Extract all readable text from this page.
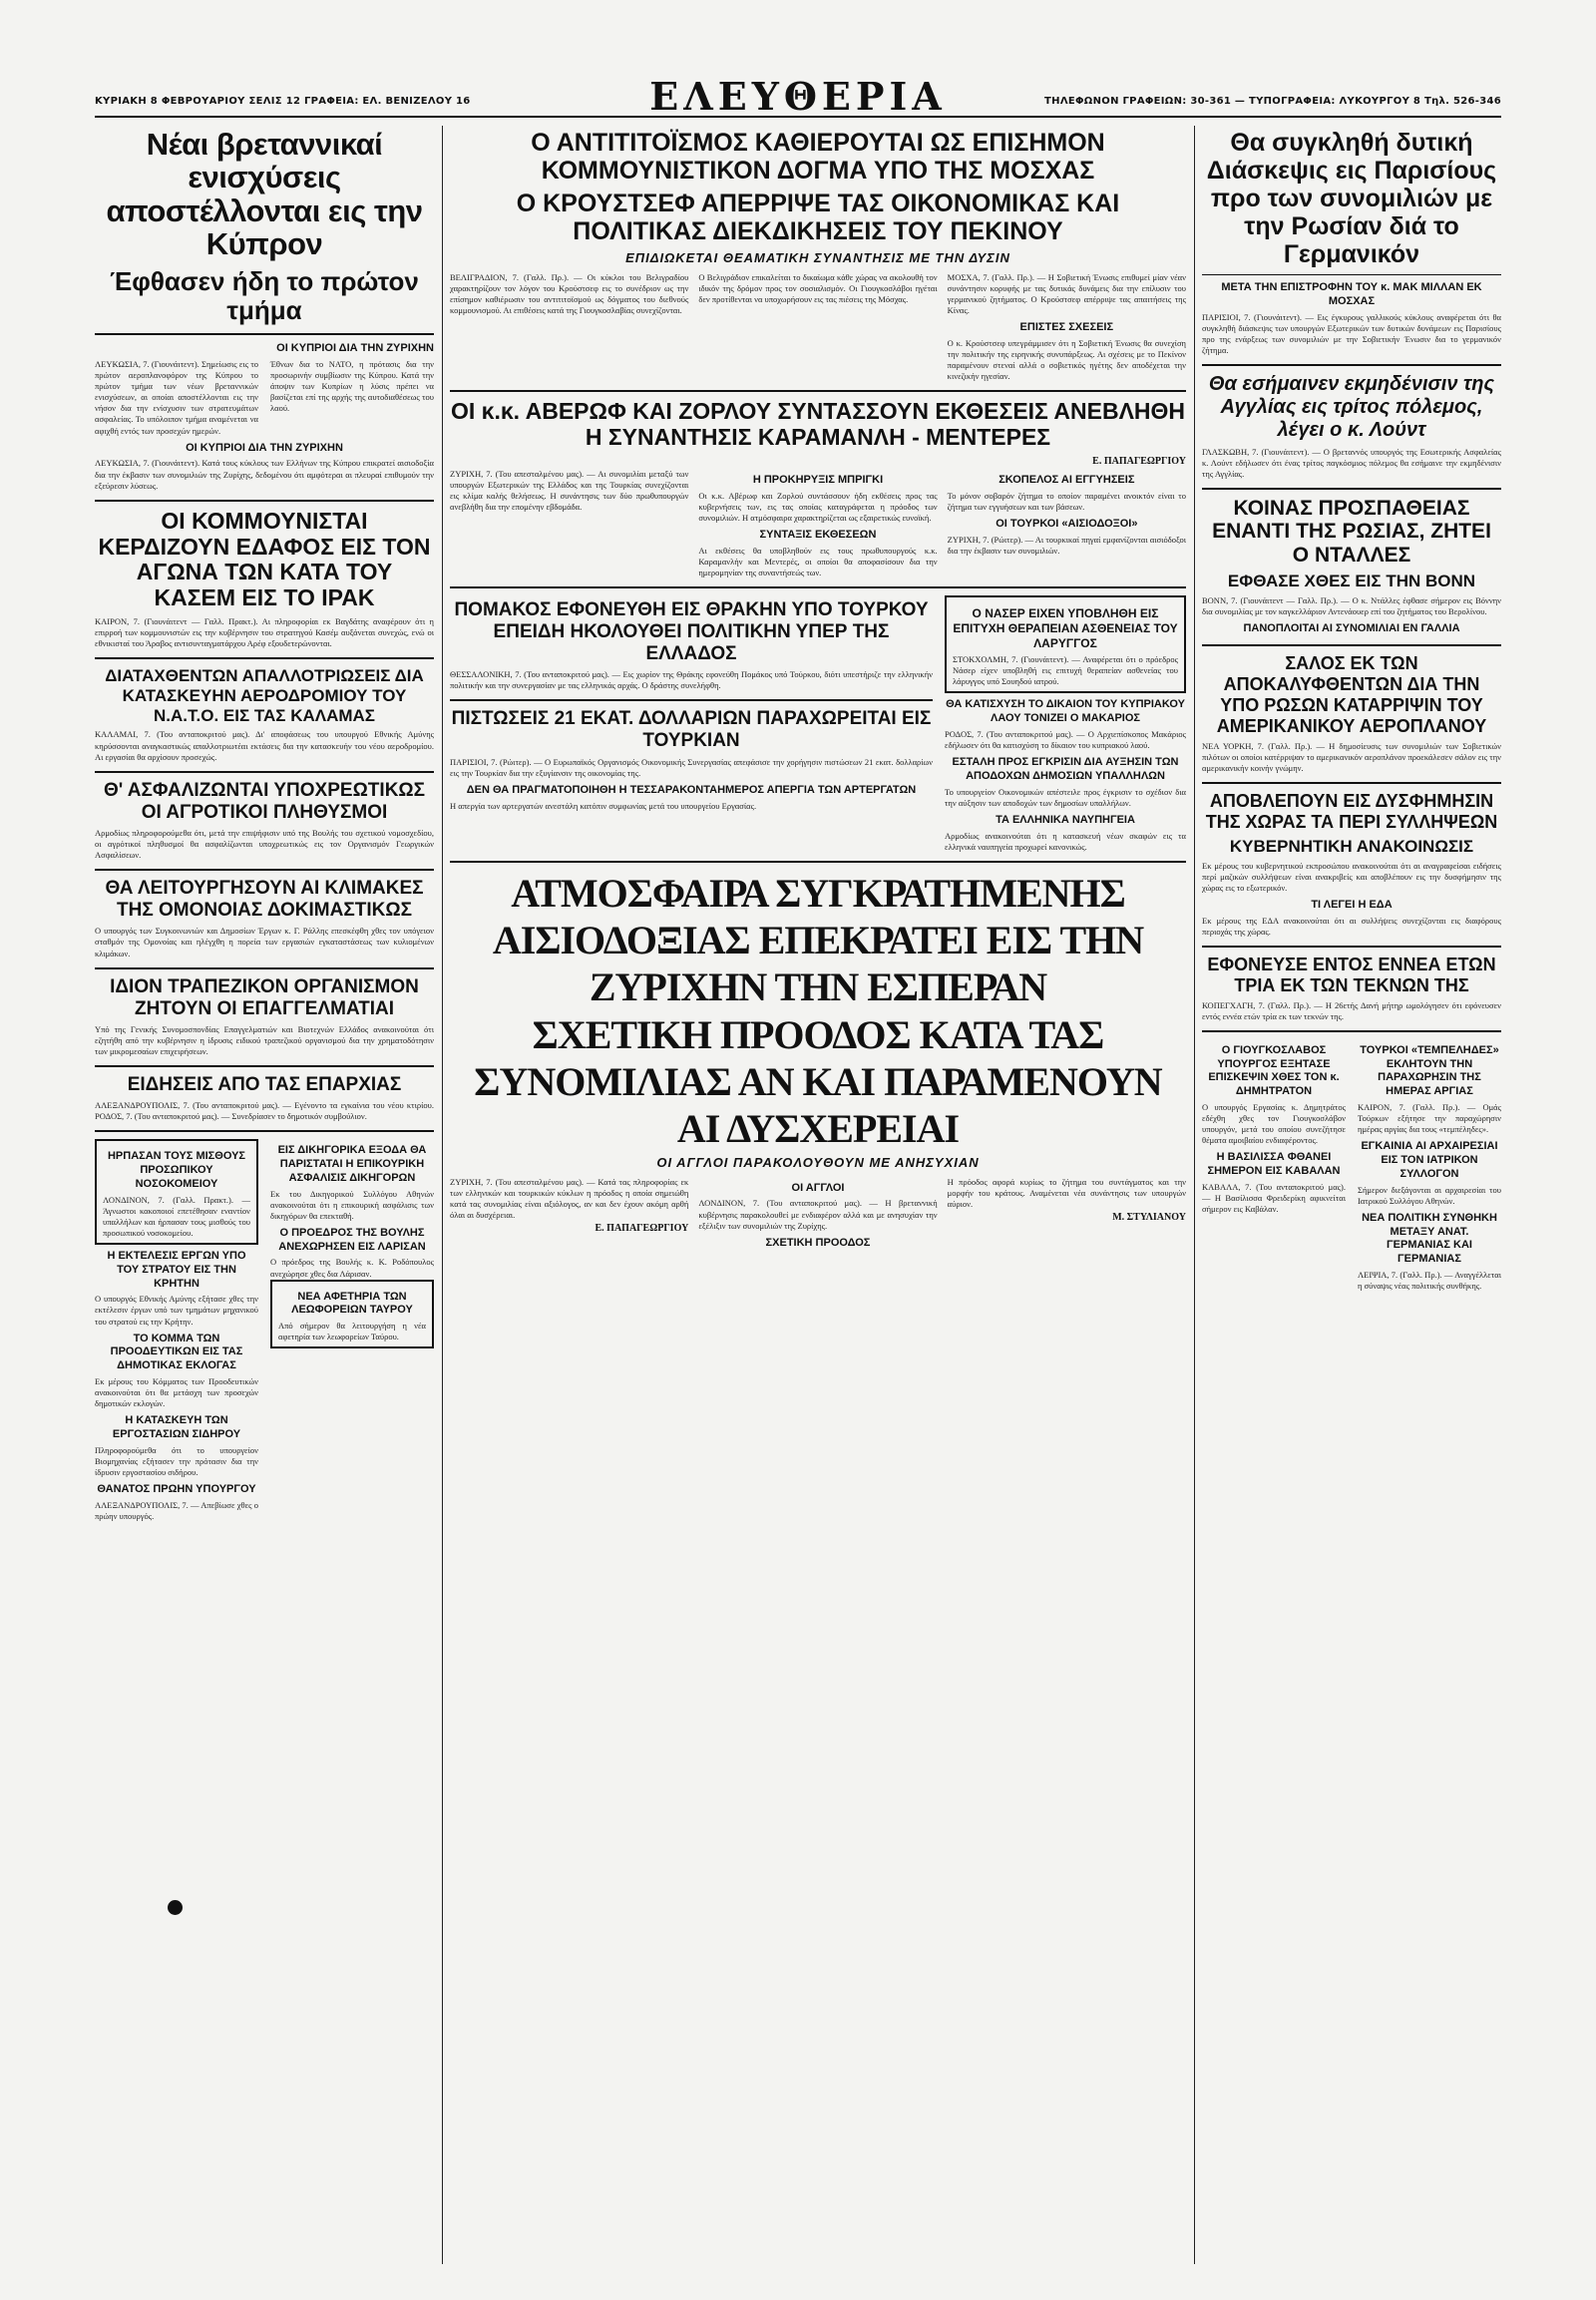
ΚΥΡΙΑΚΗ 8 ΦΕΒΡΟΥΑΡΙΟΥ ΣΕΛΙΣ 12 ΓΡΑΦΕΙΑ: ΕΛ. ΒΕΝΙΖΕΛΟΥ 16	ΕΛΕΥΘΕΡΙΑ	ΤΗΛΕΦΩΝΟΝ ΓΡΑΦΕΙΩΝ: 30-361 — ΤΥΠΟΓΡΑΦΕΙΑ: ΛΥΚΟΥΡΓΟΥ 8 Τηλ. 526-346
Νέαι βρεταννικαί ενισχύσεις αποστέλλονται εις την Κύπρον
Έφθασεν ήδη το πρώτον τμήμα
ΟΙ ΚΥΠΡΙΟΙ ΔΙΑ ΤΗΝ ΖΥΡΙΧΗΝ
ΛΕΥΚΩΣΙΑ, 7. (Γιουνάιτεντ). Σημείωσις εις το πρώτον αεροπλανοφόρον της Κύπρου το πρώτον τμήμα των νέων βρεταννικών ενισχύσεων, αι οποίαι αποστέλλονται εις την νήσον δια την ενίσχυσιν των στρατευμάτων ασφαλείας. Το υπόλοιπον τμήμα αναμένεται να αφιχθή εντός των προσεχών ημερών.
Έθνων δια το ΝΑΤΟ, η πρότασις δια την προσωρινήν συμβίωσιν της Κύπρου. Κατά την άποψιν των Κυπρίων η λύσις πρέπει να βασίζεται επί της αρχής της αυτοδιαθέσεως του λαού.
ΟΙ ΚΥΠΡΙΟΙ ΔΙΑ ΤΗΝ ΖΥΡΙΧΗΝ
ΛΕΥΚΩΣΙΑ, 7. (Γιουνάιτεντ). Κατά τους κύκλους των Ελλήνων της Κύπρου επικρατεί αισιοδοξία δια την έκβασιν των συνομιλιών της Ζυρίχης, δεδομένου ότι αμφότεραι αι πλευραί επιθυμούν την εξεύρεσιν λύσεως.
ΟΙ ΚΟΜΜΟΥΝΙΣΤΑΙ ΚΕΡΔΙΖΟΥΝ ΕΔΑΦΟΣ ΕΙΣ ΤΟΝ ΑΓΩΝΑ ΤΩΝ ΚΑΤΑ ΤΟΥ ΚΑΣΕΜ ΕΙΣ ΤΟ ΙΡΑΚ
ΚΑΙΡΟΝ, 7. (Γιουνάιτεντ — Γαλλ. Πρακτ.). Αι πληροφορίαι εκ Βαγδάτης αναφέρουν ότι η επιρροή των κομμουνιστών εις την κυβέρνησιν του στρατηγού Κασέμ αυξάνεται συνεχώς, ενώ οι εθνικισταί του Άραβος αντισυνταγματάρχου Αρέφ εξουδετερώνονται.
ΔΙΑΤΑΧΘΕΝΤΩΝ ΑΠΑΛΛΟΤΡΙΩΣΕΙΣ ΔΙΑ ΚΑΤΑΣΚΕΥΗΝ ΑΕΡΟΔΡΟΜΙΟΥ ΤΟΥ Ν.Α.Τ.Ο. ΕΙΣ ΤΑΣ ΚΑΛΑΜΑΣ
ΚΑΛΑΜΑΙ, 7. (Του ανταποκριτού μας). Δι' αποφάσεως του υπουργού Εθνικής Αμύνης κηρύσσονται αναγκαστικώς απαλλοτριωτέαι εκτάσεις δια την κατασκευήν του νέου αεροδρομίου. Αι εργασίαι θα αρχίσουν προσεχώς.
Θ' ΑΣΦΑΛΙΖΩΝΤΑΙ ΥΠΟΧΡΕΩΤΙΚΩΣ ΟΙ ΑΓΡΟΤΙΚΟΙ ΠΛΗΘΥΣΜΟΙ
Αρμοδίως πληροφορούμεθα ότι, μετά την επιψήφισιν υπό της Βουλής του σχετικού νομοσχεδίου, οι αγρότικοί πληθυσμοί θα ασφαλίζωνται υποχρεωτικώς εις τον Οργανισμόν Γεωργικών Ασφαλίσεων.
ΘΑ ΛΕΙΤΟΥΡΓΗΣΟΥΝ ΑΙ ΚΛΙΜΑΚΕΣ ΤΗΣ ΟΜΟΝΟΙΑΣ ΔΟΚΙΜΑΣΤΙΚΩΣ
Ο υπουργός των Συγκοινωνιών και Δημοσίων Έργων κ. Γ. Ράλλης επεσκέφθη χθες τον υπόγειον σταθμόν της Ομονοίας και ηλέγχθη η πορεία των εργασιών εγκαταστάσεως των κυλιομένων κλιμάκων.
ΙΔΙΟΝ ΤΡΑΠΕΖΙΚΟΝ ΟΡΓΑΝΙΣΜΟΝ ΖΗΤΟΥΝ ΟΙ ΕΠΑΓΓΕΛΜΑΤΙΑΙ
Υπό της Γενικής Συνομοσπονδίας Επαγγελματιών και Βιοτεχνών Ελλάδος ανακοινούται ότι εζητήθη από την κυβέρνησιν η ίδρυσις ειδικού τραπεζικού οργανισμού δια την χρηματοδότησιν των μικρομεσαίων επιχειρήσεων.
ΕΙΔΗΣΕΙΣ ΑΠΟ ΤΑΣ ΕΠΑΡΧΙΑΣ
ΑΛΕΞΑΝΔΡΟΥΠΟΛΙΣ, 7. (Του ανταποκριτού μας). — Εγένοντο τα εγκαίνια του νέου κτιρίου. ΡΟΔΟΣ, 7. (Του ανταποκριτού μας). — Συνεδρίασεν το δημοτικόν συμβούλιον.
ΗΡΠΑΣΑΝ ΤΟΥΣ ΜΙΣΘΟΥΣ ΠΡΟΣΩΠΙΚΟΥ ΝΟΣΟΚΟΜΕΙΟΥ
ΛΟΝΔΙΝΟΝ, 7. (Γαλλ. Πρακτ.). — Άγνωστοι κακοποιοί επετέθησαν εναντίον υπαλλήλων και ήρπασαν τους μισθούς του προσωπικού νοσοκομείου.
Η ΕΚΤΕΛΕΣΙΣ ΕΡΓΩΝ ΥΠΟ ΤΟΥ ΣΤΡΑΤΟΥ ΕΙΣ ΤΗΝ ΚΡΗΤΗΝ
Ο υπουργός Εθνικής Αμύνης εξήτασε χθες την εκτέλεσιν έργων υπό των τμημάτων μηχανικού του στρατού εις την Κρήτην.
ΤΟ ΚΟΜΜΑ ΤΩΝ ΠΡΟΟΔΕΥΤΙΚΩΝ ΕΙΣ ΤΑΣ ΔΗΜΟΤΙΚΑΣ ΕΚΛΟΓΑΣ
Εκ μέρους του Κόμματος των Προοδευτικών ανακοινούται ότι θα μετάσχη των προσεχών δημοτικών εκλογών.
Η ΚΑΤΑΣΚΕΥΗ ΤΩΝ ΕΡΓΟΣΤΑΣΙΩΝ ΣΙΔΗΡΟΥ
Πληροφορούμεθα ότι το υπουργείον Βιομηχανίας εξήτασεν την πρότασιν δια την ίδρυσιν εργοστασίου σιδήρου.
ΘΑΝΑΤΟΣ ΠΡΩΗΝ ΥΠΟΥΡΓΟΥ
ΑΛΕΞΑΝΔΡΟΥΠΟΛΙΣ, 7. — Απεβίωσε χθες ο πρώην υπουργός.
ΕΙΣ ΔΙΚΗΓΟΡΙΚΑ ΕΞΟΔΑ ΘΑ ΠΑΡΙΣΤΑΤΑΙ Η ΕΠΙΚΟΥΡΙΚΗ ΑΣΦΑΛΙΣΙΣ ΔΙΚΗΓΟΡΩΝ
Εκ του Δικηγορικού Συλλόγου Αθηνών ανακοινούται ότι η επικουρική ασφάλισις των δικηγόρων θα επεκταθή.
Ο ΠΡΟΕΔΡΟΣ ΤΗΣ ΒΟΥΛΗΣ ΑΝΕΧΩΡΗΣΕΝ ΕΙΣ ΛΑΡΙΣΑΝ
Ο πρόεδρος της Βουλής κ. Κ. Ροδόπουλος ανεχώρησε χθες δια Λάρισαν.
ΝΕΑ ΑΦΕΤΗΡΙΑ ΤΩΝ ΛΕΩΦΟΡΕΙΩΝ ΤΑΥΡΟΥ
Από σήμερον θα λειτουργήση η νέα αφετηρία των λεωφορείων Ταύρου.
Ο ΑΝΤΙΤΙΤΟΪΣΜΟΣ ΚΑΘΙΕΡΟΥΤΑΙ ΩΣ ΕΠΙΣΗΜΟΝ ΚΟΜΜΟΥΝΙΣΤΙΚΟΝ ΔΟΓΜΑ ΥΠΟ ΤΗΣ ΜΟΣΧΑΣ
Ο ΚΡΟΥΣΤΣΕΦ ΑΠΕΡΡΙΨΕ ΤΑΣ ΟΙΚΟΝΟΜΙΚΑΣ ΚΑΙ ΠΟΛΙΤΙΚΑΣ ΔΙΕΚΔΙΚΗΣΕΙΣ ΤΟΥ ΠΕΚΙΝΟΥ
ΕΠΙΔΙΩΚΕΤΑΙ ΘΕΑΜΑΤΙΚΗ ΣΥΝΑΝΤΗΣΙΣ ΜΕ ΤΗΝ ΔΥΣΙΝ
ΒΕΛΙΓΡΑΔΙΟΝ, 7. (Γαλλ. Πρ.). — Οι κύκλοι του Βελιγραδίου χαρακτηρίζουν τον λόγον του Κρούστσεφ εις το συνέδριον ως την επίσημον καθιέρωσιν του αντιτιτοϊσμού ως δόγματος του διεθνούς κομμουνισμού. Αι επιθέσεις κατά της Γιουγκοσλαβίας συνεχίζονται.
Ο Βελιγράδιον επικαλείται το δικαίωμα κάθε χώρας να ακολουθή τον ιδικόν της δρόμον προς τον σοσιαλισμόν. Οι Γιουγκοσλάβοι ηγέται δεν προτίθενται να υποχωρήσουν εις τας πιέσεις της Μόσχας.
ΜΟΣΧΑ, 7. (Γαλλ. Πρ.). — Η Σοβιετική Ένωσις επιθυμεί μίαν νέαν συνάντησιν κορυφής με τας δυτικάς δυνάμεις δια την επίλυσιν του γερμανικού ζητήματος. Ο Κρούστσεφ απέρριψε τας απαιτήσεις της Κίνας.
ΕΠΙΣΤΕΣ ΣΧΕΣΕΙΣ
Ο κ. Κρούστσεφ υπεγράμμισεν ότι η Σοβιετική Ένωσις θα συνεχίση την πολιτικήν της ειρηνικής συνυπάρξεως. Αι σχέσεις με το Πεκίνον παραμένουν στεναί αλλά ο σοβιετικός ηγέτης δεν αποδέχεται την κινεζικήν ηγεσίαν.
ΟΙ κ.κ. ΑΒΕΡΩΦ ΚΑΙ ΖΟΡΛΟΥ ΣΥΝΤΑΣΣΟΥΝ ΕΚΘΕΣΕΙΣ ΑΝΕΒΛΗΘΗ Η ΣΥΝΑΝΤΗΣΙΣ ΚΑΡΑΜΑΝΛΗ - ΜΕΝΤΕΡΕΣ
Ε. ΠΑΠΑΓΕΩΡΓΙΟΥ
ΖΥΡΙΧΗ, 7. (Του απεσταλμένου μας). — Αι συνομιλίαι μεταξύ των υπουργών Εξωτερικών της Ελλάδος και της Τουρκίας συνεχίζονται εις κλίμα καλής θελήσεως. Η συνάντησις των δύο πρωθυπουργών ανεβλήθη δια την επομένην εβδομάδα.
Η ΠΡΟΚΗΡΥΞΙΣ ΜΠΡΙΓΚΙ
Οι κ.κ. Αβέρωφ και Ζορλού συντάσσουν ήδη εκθέσεις προς τας κυβερνήσεις των, εις τας οποίας καταγράφεται η πρόοδος των συνομιλιών. Η ατμόσφαιρα χαρακτηρίζεται ως εξαιρετικώς ευνοϊκή.
ΣΥΝΤΑΞΙΣ ΕΚΘΕΣΕΩΝ
Αι εκθέσεις θα υποβληθούν εις τους πρωθυπουργούς κ.κ. Καραμανλήν και Μεντερές, οι οποίοι θα αποφασίσουν δια την ημερομηνίαν της συναντήσεώς των.
ΣΚΟΠΕΛΟΣ ΑΙ ΕΓΓΥΗΣΕΙΣ
Το μόνον σοβαρόν ζήτημα το οποίον παραμένει ανοικτόν είναι το ζήτημα των εγγυήσεων και των βάσεων.
ΟΙ ΤΟΥΡΚΟΙ «ΑΙΣΙΟΔΟΞΟΙ»
ΖΥΡΙΧΗ, 7. (Ρώιτερ). — Αι τουρκικαί πηγαί εμφανίζονται αισιόδοξοι δια την έκβασιν των συνομιλιών.
ΠΟΜΑΚΟΣ ΕΦΟΝΕΥΘΗ ΕΙΣ ΘΡΑΚΗΝ ΥΠΟ ΤΟΥΡΚΟΥ ΕΠΕΙΔΗ ΗΚΟΛΟΥΘΕΙ ΠΟΛΙΤΙΚΗΝ ΥΠΕΡ ΤΗΣ ΕΛΛΑΔΟΣ
ΘΕΣΣΑΛΟΝΙΚΗ, 7. (Του ανταποκριτού μας). — Εις χωρίον της Θράκης εφονεύθη Πομάκος υπό Τούρκου, διότι υπεστήριζε την ελληνικήν πολιτικήν και την συνεργασίαν με τας ελληνικάς αρχάς. Ο δράστης συνελήφθη.
ΠΙΣΤΩΣΕΙΣ 21 ΕΚΑΤ. ΔΟΛΛΑΡΙΩΝ ΠΑΡΑΧΩΡΕΙΤΑΙ ΕΙΣ ΤΟΥΡΚΙΑΝ
ΠΑΡΙΣΙΟΙ, 7. (Ρώιτερ). — Ο Ευρωπαϊκός Οργανισμός Οικονομικής Συνεργασίας απεφάσισε την χορήγησιν πιστώσεων 21 εκατ. δολλαρίων εις την Τουρκίαν δια την εξυγίανσιν της οικονομίας της.
ΔΕΝ ΘΑ ΠΡΑΓΜΑΤΟΠΟΙΗΘΗ Η ΤΕΣΣΑΡΑΚΟΝΤΑΗΜΕΡΟΣ ΑΠΕΡΓΙΑ ΤΩΝ ΑΡΤΕΡΓΑΤΩΝ
Η απεργία των αρτεργατών ανεστάλη κατόπιν συμφωνίας μετά του υπουργείου Εργασίας.
Ο ΝΑΣΕΡ ΕΙΧΕΝ ΥΠΟΒΛΗΘΗ ΕΙΣ ΕΠΙΤΥΧΗ ΘΕΡΑΠΕΙΑΝ ΑΣΘΕΝΕΙΑΣ ΤΟΥ ΛΑΡΥΓΓΟΣ
ΣΤΟΚΧΟΛΜΗ, 7. (Γιουνάιτεντ). — Αναφέρεται ότι ο πρόεδρος Νάσερ είχεν υποβληθή εις επιτυχή θεραπείαν ασθενείας του λάρυγγος υπό Σουηδού ιατρού.
ΘΑ ΚΑΤΙΣΧΥΣΗ ΤΟ ΔΙΚΑΙΟΝ ΤΟΥ ΚΥΠΡΙΑΚΟΥ ΛΑΟΥ ΤΟΝΙΖΕΙ Ο ΜΑΚΑΡΙΟΣ
ΡΟΔΟΣ, 7. (Του ανταποκριτού μας). — Ο Αρχιεπίσκοπος Μακάριος εδήλωσεν ότι θα κατισχύση το δίκαιον του κυπριακού λαού.
ΕΣΤΑΛΗ ΠΡΟΣ ΕΓΚΡΙΣΙΝ ΔΙΑ ΑΥΞΗΣΙΝ ΤΩΝ ΑΠΟΔΟΧΩΝ ΔΗΜΟΣΙΩΝ ΥΠΑΛΛΗΛΩΝ
Το υπουργείον Οικονομικών απέστειλε προς έγκρισιν το σχέδιον δια την αύξησιν των αποδοχών των δημοσίων υπαλλήλων.
ΤΑ ΕΛΛΗΝΙΚΑ ΝΑΥΠΗΓΕΙΑ
Αρμοδίως ανακοινούται ότι η κατασκευή νέων σκαφών εις τα ελληνικά ναυπηγεία προχωρεί κανονικώς.
ΑΤΜΟΣΦΑΙΡΑ ΣΥΓΚΡΑΤΗΜΕΝΗΣ ΑΙΣΙΟΔΟΞΙΑΣ ΕΠΕΚΡΑΤΕΙ ΕΙΣ ΤΗΝ ΖΥΡΙΧΗΝ ΤΗΝ ΕΣΠΕΡΑΝ
ΣΧΕΤΙΚΗ ΠΡΟΟΔΟΣ ΚΑΤΑ ΤΑΣ ΣΥΝΟΜΙΛΙΑΣ ΑΝ ΚΑΙ ΠΑΡΑΜΕΝΟΥΝ ΑΙ ΔΥΣΧΕΡΕΙΑΙ
ΟΙ ΑΓΓΛΟΙ ΠΑΡΑΚΟΛΟΥΘΟΥΝ ΜΕ ΑΝΗΣΥΧΙΑΝ
ΖΥΡΙΧΗ, 7. (Του απεσταλμένου μας). — Κατά τας πληροφορίας εκ των ελληνικών και τουρκικών κύκλων η πρόοδος η οποία σημειώθη κατά τας συνομιλίας είναι αξιόλογος, αν και δεν έχουν ακόμη αρθή όλαι αι δυσχέρειαι.
Ε. ΠΑΠΑΓΕΩΡΓΙΟΥ
ΟΙ ΑΓΓΛΟΙ
ΛΟΝΔΙΝΟΝ, 7. (Του ανταποκριτού μας). — Η βρεταννική κυβέρνησις παρακολουθεί με ενδιαφέρον αλλά και με ανησυχίαν την εξέλιξιν των συνομιλιών της Ζυρίχης.
ΣΧΕΤΙΚΗ ΠΡΟΟΔΟΣ
Η πρόοδος αφορά κυρίως το ζήτημα του συντάγματος και την μορφήν του κράτους. Αναμένεται νέα συνάντησις των υπουργών αύριον.
Μ. ΣΤΥΛΙΑΝΟΥ
Θα συγκληθή δυτική Διάσκεψις εις Παρισίους προ των συνομιλιών με την Ρωσίαν διά το Γερμανικόν
ΜΕΤΑ ΤΗΝ ΕΠΙΣΤΡΟΦΗΝ ΤΟΥ κ. ΜΑΚ ΜΙΛΛΑΝ ΕΚ ΜΟΣΧΑΣ
ΠΑΡΙΣΙΟΙ, 7. (Γιουνάιτεντ). — Εις έγκυρους γαλλικούς κύκλους αναφέρεται ότι θα συγκληθή διάσκεψις των υπουργών Εξωτερικών των δυτικών δυνάμεων εις Παρισίους προ της ενάρξεως των συνομιλιών με την Σοβιετικήν Ένωσιν δια το γερμανικόν ζήτημα.
Θα εσήμαινεν εκμηδένισιν της Αγγλίας εις τρίτος πόλεμος, λέγει ο κ. Λούντ
ΓΛΑΣΚΩΒΗ, 7. (Γιουνάιτεντ). — Ο βρεταννός υπουργός της Εσωτερικής Ασφαλείας κ. Λούντ εδήλωσεν ότι ένας τρίτος παγκόσμιος πόλεμος θα εσήμαινε την εκμηδένισιν της Αγγλίας.
ΚΟΙΝΑΣ ΠΡΟΣΠΑΘΕΙΑΣ ΕΝΑΝΤΙ ΤΗΣ ΡΩΣΙΑΣ, ΖΗΤΕΙ Ο ΝΤΑΛΛΕΣ
ΕΦΘΑΣΕ ΧΘΕΣ ΕΙΣ ΤΗΝ ΒΟΝΝ
ΒΟΝΝ, 7. (Γιουνάιτεντ — Γαλλ. Πρ.). — Ο κ. Ντάλλες έφθασε σήμερον εις Βόννην δια συνομιλίας με τον καγκελλάριον Αντενάουερ επί του ζητήματος του Βερολίνου.
ΠΑΝΟΠΛΟΙΤΑΙ ΑΙ ΣΥΝΟΜΙΛΙΑΙ ΕΝ ΓΑΛΛΙΑ
ΣΑΛΟΣ ΕΚ ΤΩΝ ΑΠΟΚΑΛΥΦΘΕΝΤΩΝ ΔΙΑ ΤΗΝ ΥΠΟ ΡΩΣΩΝ ΚΑΤΑΡΡΙΨΙΝ ΤΟΥ ΑΜΕΡΙΚΑΝΙΚΟΥ ΑΕΡΟΠΛΑΝΟΥ
ΝΕΑ ΥΟΡΚΗ, 7. (Γαλλ. Πρ.). — Η δημοσίευσις των συνομιλιών των Σοβιετικών πιλότων οι οποίοι κατέρριψαν το αμερικανικόν αεροπλάνον προεκάλεσεν σάλον εις την αμερικανικήν κοινήν γνώμην.
ΑΠΟΒΛΕΠΟΥΝ ΕΙΣ ΔΥΣΦΗΜΗΣΙΝ ΤΗΣ ΧΩΡΑΣ ΤΑ ΠΕΡΙ ΣΥΛΛΗΨΕΩΝ
ΚΥΒΕΡΝΗΤΙΚΗ ΑΝΑΚΟΙΝΩΣΙΣ
Εκ μέρους του κυβερνητικού εκπροσώπου ανακοινούται ότι αι αναγραφείσαι ειδήσεις περί μαζικών συλλήψεων είναι ανακριβείς και αποβλέπουν εις την δυσφήμησιν της χώρας εις το εξωτερικόν.
ΤΙ ΛΕΓΕΙ Η ΕΔΑ
Εκ μέρους της ΕΔΑ ανακοινούται ότι αι συλλήψεις συνεχίζονται εις διαφόρους περιοχάς της χώρας.
ΕΦΟΝΕΥΣΕ ΕΝΤΟΣ ΕΝΝΕΑ ΕΤΩΝ ΤΡΙΑ ΕΚ ΤΩΝ ΤΕΚΝΩΝ ΤΗΣ
ΚΟΠΕΓΧΑΓΗ, 7. (Γαλλ. Πρ.). — Η 26ετής Δανή μήτηρ ωμολόγησεν ότι εφόνευσεν εντός εννέα ετών τρία εκ των τεκνών της.
Ο ΓΙΟΥΓΚΟΣΛΑΒΟΣ ΥΠΟΥΡΓΟΣ ΕΞΗΤΑΣΕ ΕΠΙΣΚΕΨΙΝ ΧΘΕΣ ΤΟΝ κ. ΔΗΜΗΤΡΑΤΟΝ
Ο υπουργός Εργασίας κ. Δημητράτος εδέχθη χθες τον Γιουγκοσλάβον υπουργόν, μετά του οποίου συνεζήτησε θέματα αμοιβαίου ενδιαφέροντος.
Η ΒΑΣΙΛΙΣΣΑ ΦΘΑΝΕΙ ΣΗΜΕΡΟΝ ΕΙΣ ΚΑΒΑΛΑΝ
ΚΑΒΑΛΑ, 7. (Του ανταποκριτού μας). — Η Βασίλισσα Φρειδερίκη αφικνείται σήμερον εις Καβάλαν.
ΤΟΥΡΚΟΙ «ΤΕΜΠΕΛΗΔΕΣ» ΕΚΛΗΤΟΥΝ ΤΗΝ ΠΑΡΑΧΩΡΗΣΙΝ ΤΗΣ ΗΜΕΡΑΣ ΑΡΓΙΑΣ
ΚΑΙΡΟΝ, 7. (Γαλλ. Πρ.). — Ομάς Τούρκων εξήτησε την παραχώρησιν ημέρας αργίας δια τους «τεμπέληδες».
ΕΓΚΑΙΝΙΑ ΑΙ ΑΡΧΑΙΡΕΣΙΑΙ ΕΙΣ ΤΟΝ ΙΑΤΡΙΚΟΝ ΣΥΛΛΟΓΟΝ
Σήμερον διεξάγονται αι αρχαιρεσίαι του Ιατρικού Συλλόγου Αθηνών.
ΝΕΑ ΠΟΛΙΤΙΚΗ ΣΥΝΘΗΚΗ ΜΕΤΑΞΥ ΑΝΑΤ. ΓΕΡΜΑΝΙΑΣ ΚΑΙ ΓΕΡΜΑΝΙΑΣ
ΛΕΙΨΙΑ, 7. (Γαλλ. Πρ.). — Αναγγέλλεται η σύναψις νέας πολιτικής συνθήκης.
